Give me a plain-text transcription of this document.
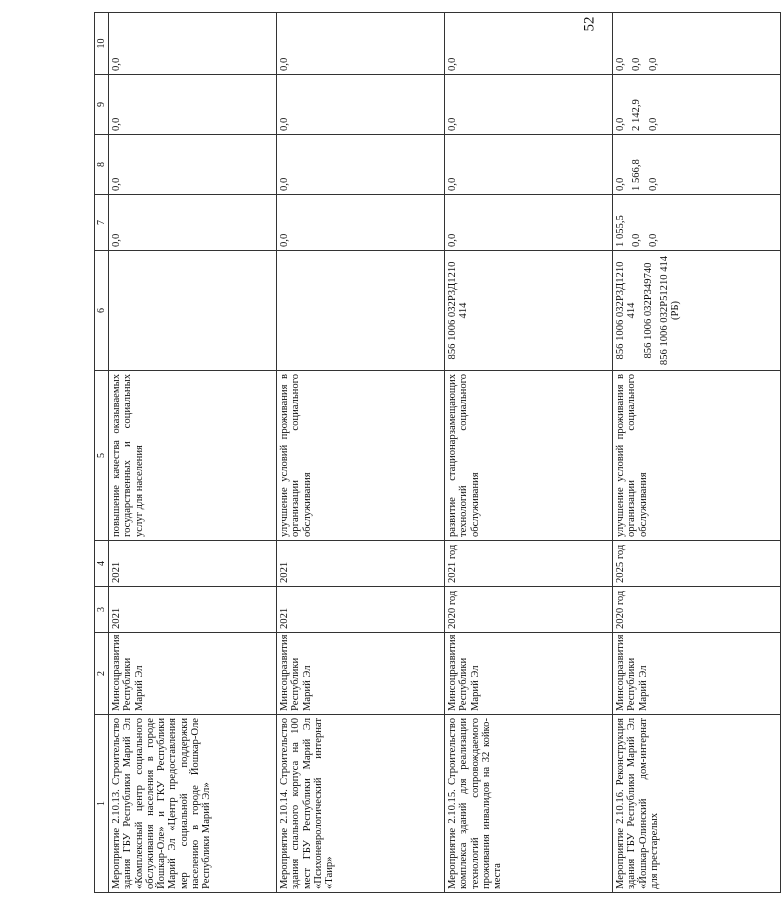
52
1	2	3	4	5	6	7	8	9	10
Мероприятие 2.10.13. Строительство здания ГБУ Республики Марий Эл «Комплексный центр социального обслуживания населения в городе Йошкар-Оле» и ГКУ Республики Марий Эл «Центр предоставления мер социальной поддержки населению в городе Йошкар-Оле Республики Марий Эл»	Минсоцразвития Республики Марий Эл	2021	2021	повышение качества оказываемых государственных и социальных услуг для населения		0,0	0,0	0,0	0,0

Мероприятие 2.10.14. Строительство здания спального корпуса на 100 мест ГБУ Республики Марий Эл «Психоневрологический интернат «Таир»	Минсоцразвития Республики Марий Эл	2021	2021	улучшение условий проживания в организации социального обслуживания		0,0	0,0	0,0	0,0

Мероприятие 2.10.15. Строительство комплекса зданий для реализации технологий сопровождаемого проживания инвалидов на 32 койко-места	Минсоцразвития Республики Марий Эл	2020 год	2021 год	развитие стационарзамещающих технологий социального обслуживания	856 1006 032P3Д1210 414	0,0	0,0	0,0	0,0

Мероприятие 2.10.16. Реконструкция здания ГБУ Республики Марий Эл «Йошкар-Олинский дом-интернат для престарелых	Минсоцразвития Республики Марий Эл	2020 год	2025 год	улучшение условий проживания в организации социального обслуживания	856 1006 032P3Д1210 414 856 1006 032P349740 856 1006 032P51210 414 (РБ)	1 055,5 0,0 0,0	0,0 1 566,8 0,0	0,0 2 142,9 0,0	0,0 0,0 0,0
